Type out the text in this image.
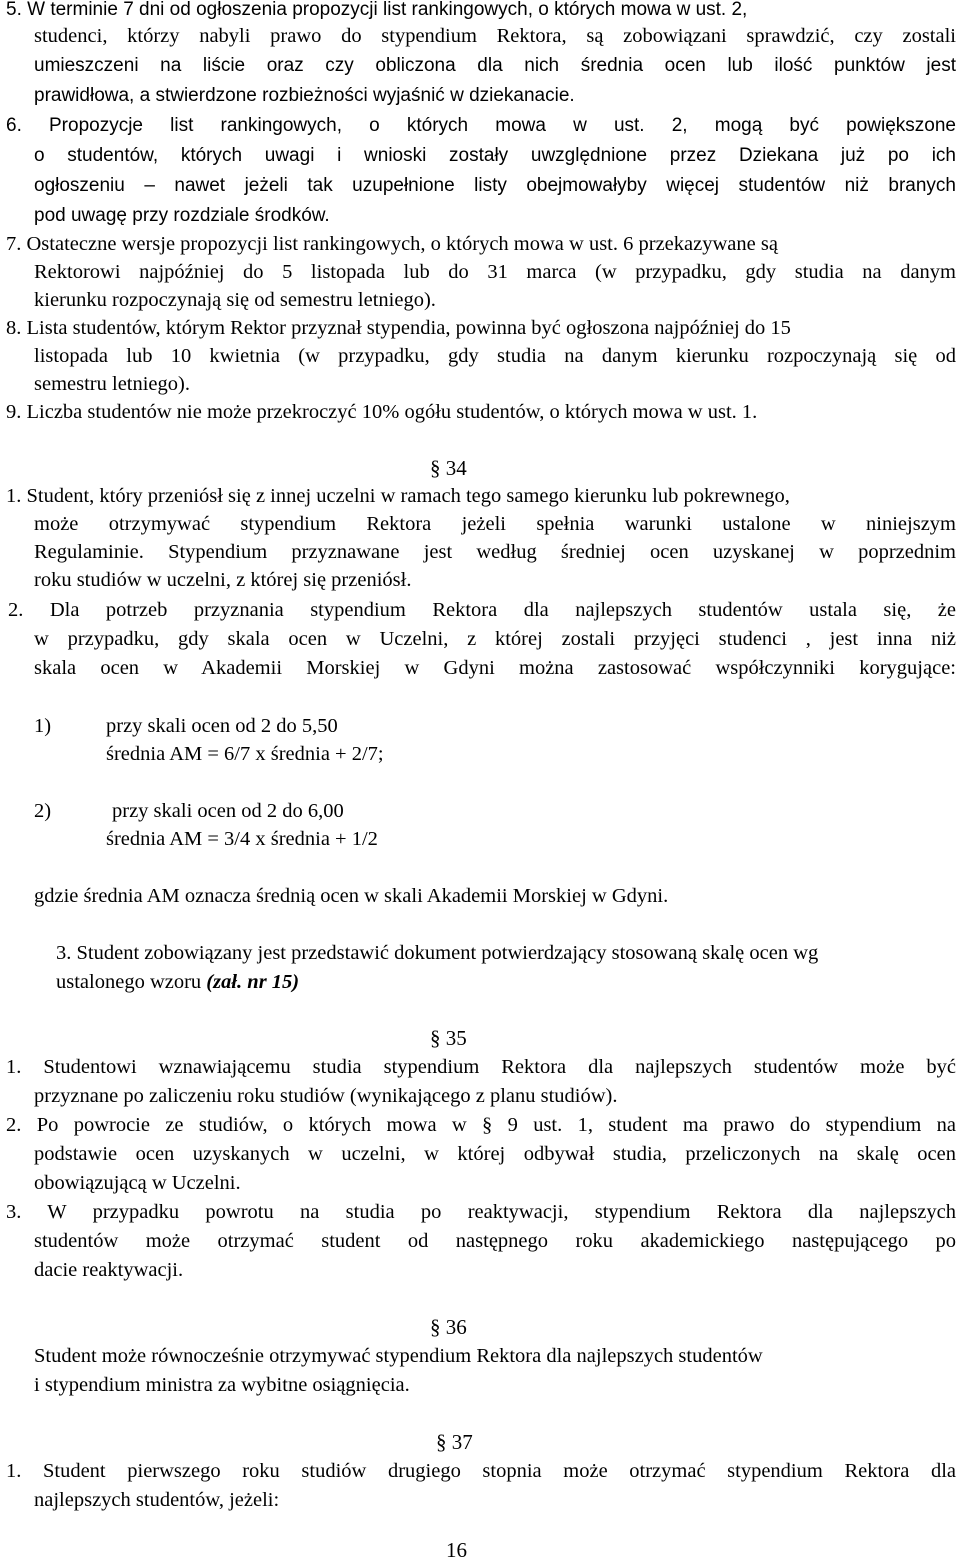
5. W terminie 7 dni od ogłoszenia propozycji list rankingowych, o których mowa w ust. 2,
studenci, którzy nabyli prawo do stypendium Rektora, są zobowiązani sprawdzić, czy zostali
umieszczeni na liście oraz czy obliczona dla nich średnia ocen lub ilość punktów jest
prawidłowa, a stwierdzone rozbieżności wyjaśnić w dziekanacie.
6. Propozycje list rankingowych, o których mowa w ust. 2, mogą być powiększone
o studentów, których uwagi i wnioski zostały uwzględnione przez Dziekana już po ich
ogłoszeniu – nawet jeżeli tak uzupełnione listy obejmowałyby więcej studentów niż branych
pod uwagę przy rozdziale środków.
7. Ostateczne wersje propozycji list rankingowych, o których mowa w ust. 6 przekazywane są
Rektorowi najpóźniej do 5 listopada lub do 31 marca (w przypadku, gdy studia na danym
kierunku rozpoczynają się od semestru letniego).
8. Lista studentów, którym Rektor przyznał stypendia, powinna być ogłoszona najpóźniej do 15
listopada lub 10 kwietnia (w przypadku, gdy studia na danym kierunku rozpoczynają się od
semestru letniego).
9. Liczba studentów nie może przekroczyć 10% ogółu studentów, o których mowa w ust. 1.
§ 34
1. Student, który przeniósł się z innej uczelni w ramach tego samego kierunku lub pokrewnego,
może otrzymywać stypendium Rektora jeżeli spełnia warunki ustalone w niniejszym
Regulaminie. Stypendium przyznawane jest według średniej ocen uzyskanej w poprzednim
roku studiów w uczelni, z której się przeniósł.
2. Dla potrzeb przyznania stypendium Rektora dla najlepszych studentów ustala się, że
w przypadku, gdy skala ocen w Uczelni, z której zostali przyjęci studenci , jest inna niż
skala ocen w Akademii Morskiej w Gdyni można zastosować współczynniki korygujące:
1)	przy skali ocen od 2 do 5,50
średnia AM = 6/7 x średnia + 2/7;
2)	przy skali ocen od 2 do 6,00
średnia AM = 3/4 x średnia + 1/2
gdzie średnia AM oznacza średnią ocen w skali Akademii Morskiej w Gdyni.
3. Student zobowiązany jest przedstawić dokument potwierdzający stosowaną skalę ocen wg
ustalonego wzoru (zał. nr 15)
§ 35
1. Studentowi wznawiającemu studia stypendium Rektora dla najlepszych studentów może być
przyznane po zaliczeniu roku studiów (wynikającego z planu studiów).
2. Po powrocie ze studiów, o których mowa w § 9 ust. 1, student ma prawo do stypendium na
podstawie ocen uzyskanych w uczelni, w której odbywał studia, przeliczonych na skalę ocen
obowiązującą w Uczelni.
3. W przypadku powrotu na studia po reaktywacji, stypendium Rektora dla najlepszych
studentów może otrzymać student od następnego roku akademickiego następującego po
dacie reaktywacji.
§ 36
Student może równocześnie otrzymywać stypendium Rektora dla najlepszych studentów
i stypendium ministra za wybitne osiągnięcia.
§ 37
1. Student pierwszego roku studiów drugiego stopnia może otrzymać stypendium Rektora dla
najlepszych studentów, jeżeli:
16
